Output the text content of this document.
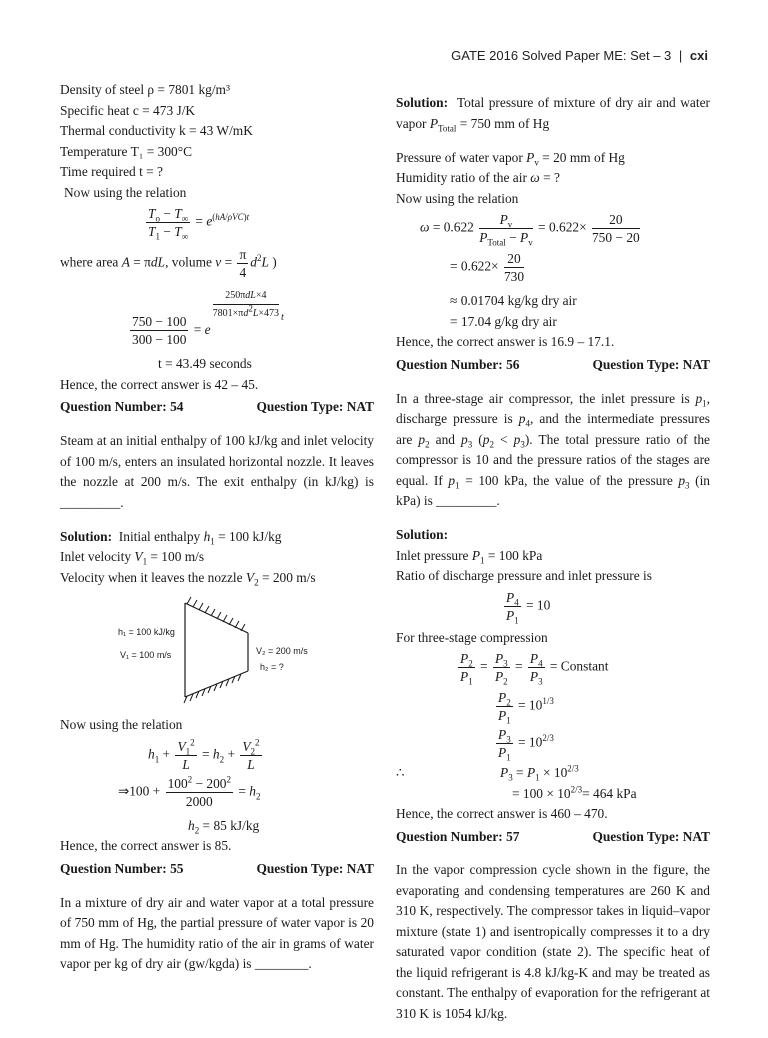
GATE 2016 Solved Paper ME: Set – 3 | cxi

Density of steel ρ = 7801 kg/m³

Specific heat c = 473 J/K

Thermal conductivity k = 43 W/mK

Temperature T₁ = 300°C

Time required t = ?

Now using the relation

$\frac{T_o - T_\infty}{T_1 - T_\infty} = e^{(hA/\rho VC)t}$

where area A = πdL, volume $v = \frac{\pi}{4} d^2L$ )

$\frac{750 - 100}{300 - 100} = e$
$\frac{\text{250πdL×4}}{7801\times\pi d^2L\times 473} ^t$

t = 43.49 seconds

Hence, the correct answer is 42 – 45.

Question Number: 54	Question Type: NAT

Steam at an initial enthalpy of 100 kJ/kg and inlet velocity of 100 m/s, enters an insulated horizontal nozzle. It leaves the nozzle at 200 m/s. The exit enthalpy (in kJ/kg) is _________.

Solution:  Initial enthalpy $h_1 = 100$ kJ/kg

Inlet velocity $V_1 = 100$ m/s

Velocity when it leaves the nozzle $V_2 = 200$ m/s

h₁ = 100 kJ/kg
V₁ = 100 m/s	V₂ = 200 m/s
h₂ = ?

Now using the relation

$h_1 + \frac{V_1^2}{L} = h_2 + \frac{V_2^2}{L}$
⇒100 + $\frac{100^2 - 200^2}{2000} = h_2$

$h_2 = 85$ kJ/kg

Hence, the correct answer is 85.

Question Number: 55	Question Type: NAT

In a mixture of dry air and water vapor at a total pressure of 750 mm of Hg, the partial pressure of water vapor is 20 mm of Hg. The humidity ratio of the air in grams of water vapor per kg of dry air (gw/kgda) is ________.

Solution:  Total pressure of mixture of dry air and water vapor $P_{Total} = 750$ mm of Hg

Pressure of water vapor $P_v = 20$ mm of Hg

Humidity ratio of the air ω = ?

Now using the relation

$\omega = 0.622 \frac{P_v}{P_{Total} - P_v} = 0.622\times \frac{20}{750 - 20}$
= $0.622\times \frac{20}{730}$

≈ 0.01704 kg/kg dry air

= 17.04 g/kg dry air

Hence, the correct answer is 16.9 – 17.1.

Question Number: 56	Question Type: NAT

In a three-stage air compressor, the inlet pressure is $p_1$, discharge pressure is $p_4$, and the intermediate pressures are $p_2$ and $p_3$ $(p_2 < p_3)$. The total pressure ratio of the compressor is 10 and the pressure ratios of the stages are equal. If $p_1 = 100$ kPa, the value of the pressure $p_3$ (in kPa) is _________.

Solution:

Inlet pressure $P_1 = 100$ kPa

Ratio of discharge pressure and inlet pressure is

$\frac{P_4}{P_1} = 10$

For three-stage compression

$\frac{P_2}{P_1} = \frac{P_3}{P_2} = \frac{P_4}{P_3}$ = Constant
$\frac{P_2}{P_1} = 10^{1/3}$
$\frac{P_3}{P_1} = 10^{2/3}$
∴	$P_3 = P_1 \times 10^{2/3}$

= $100 \times 10^{2/3}= 464$ kPa

Hence, the correct answer is 460 – 470.

Question Number: 57	Question Type: NAT

In the vapor compression cycle shown in the figure, the evaporating and condensing temperatures are 260 K and 310 K, respectively. The compressor takes in liquid–vapor mixture (state 1) and isentropically compresses it to a dry saturated vapor condition (state 2). The specific heat of the liquid refrigerant is 4.8 kJ/kg-K and may be treated as constant. The enthalpy of evaporation for the refrigerant at 310 K is 1054 kJ/kg.
